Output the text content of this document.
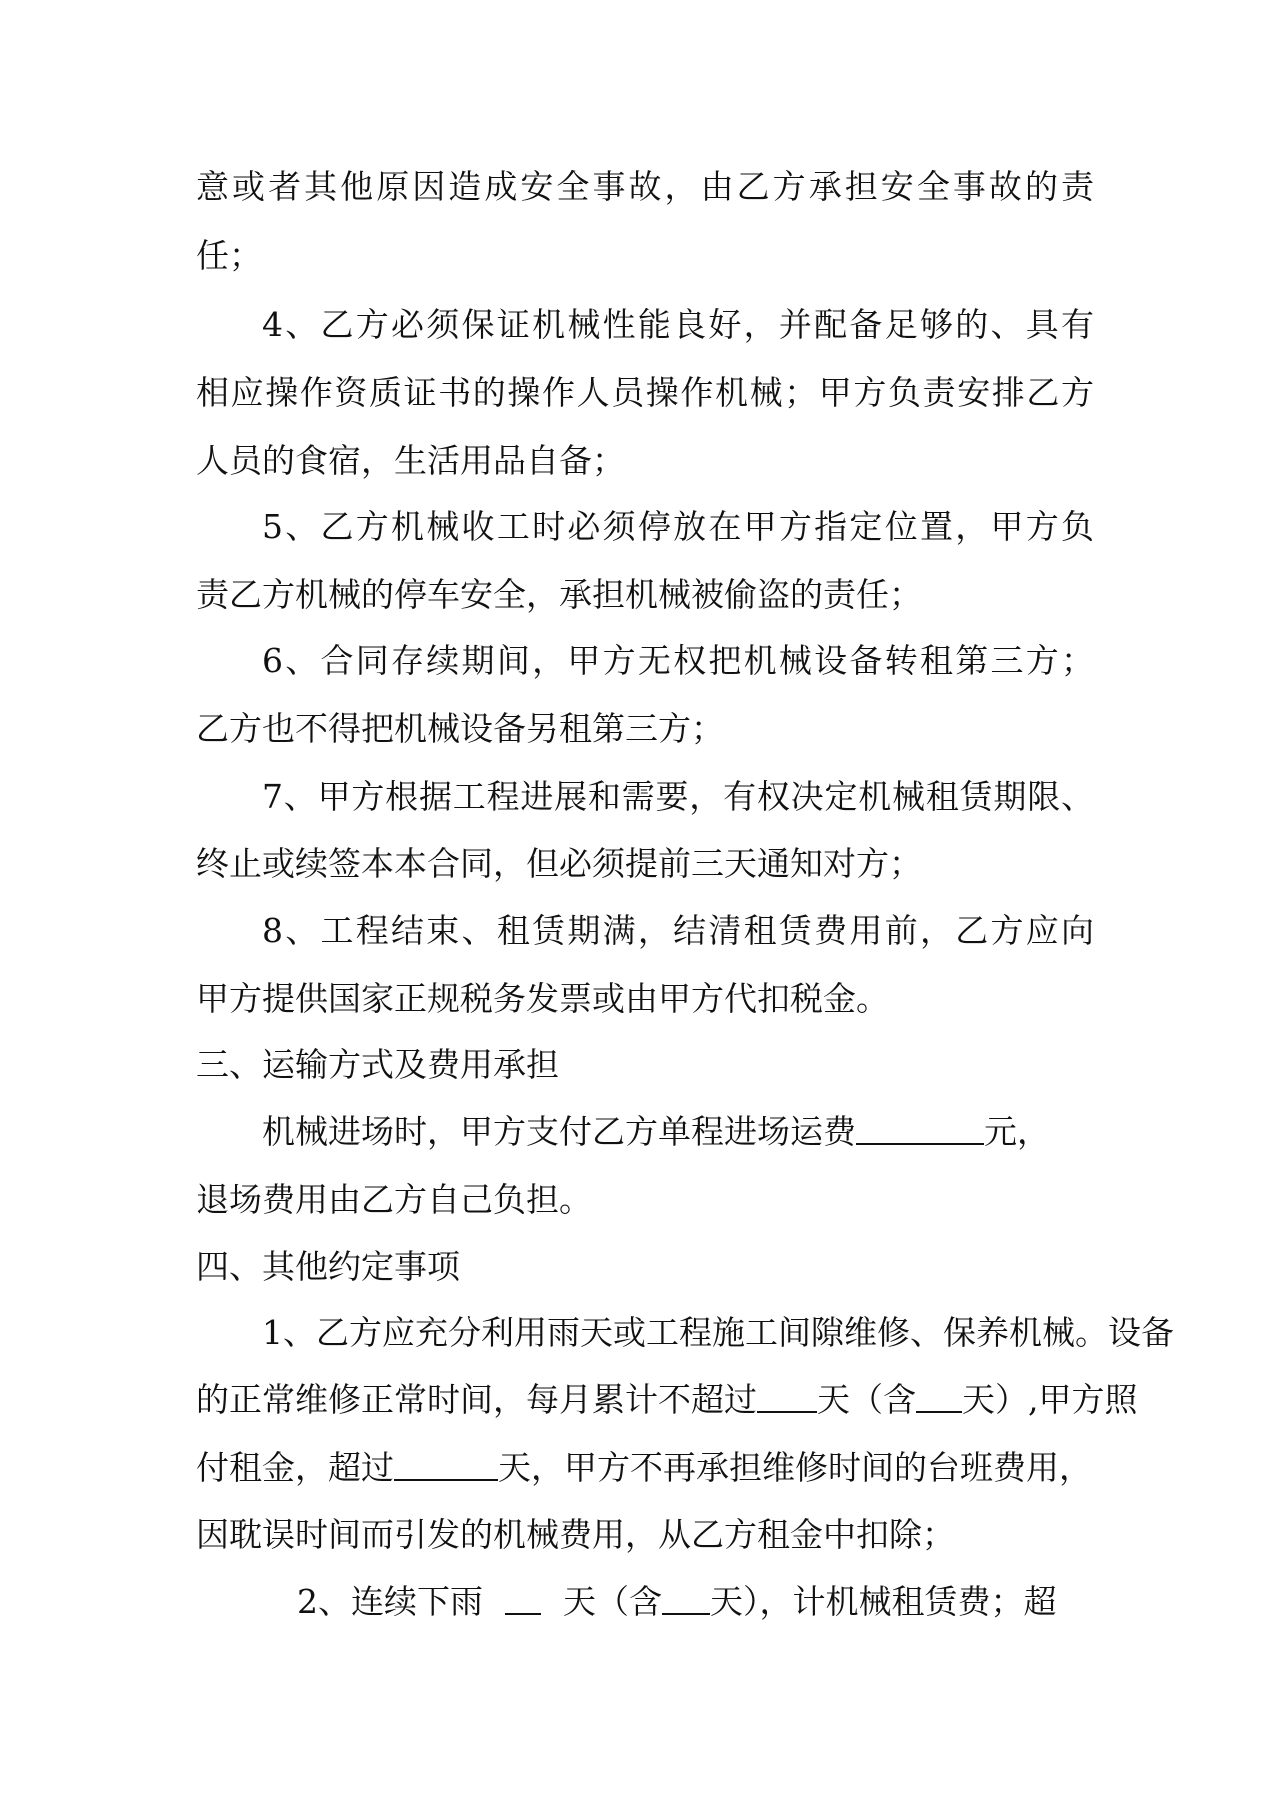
意或者其他原因造成安全事故，由乙方承担安全事故的责
任；
4、乙方必须保证机械性能良好，并配备足够的、具有
相应操作资质证书的操作人员操作机械；甲方负责安排乙方
人员的食宿，生活用品自备；
5、乙方机械收工时必须停放在甲方指定位置，甲方负
责乙方机械的停车安全，承担机械被偷盗的责任；
6、合同存续期间，甲方无权把机械设备转租第三方；
乙方也不得把机械设备另租第三方；
7、甲方根据工程进展和需要，有权决定机械租赁期限、
终止或续签本本合同，但必须提前三天通知对方；
8、工程结束、租赁期满，结清租赁费用前，乙方应向
甲方提供国家正规税务发票或由甲方代扣税金。
三、运输方式及费用承担
机械进场时，甲方支付乙方单程进场运费	元，
退场费用由乙方自己负担。
四、其他约定事项
1、乙方应充分利用雨天或工程施工间隙维修、保养机械。设备
的正常维修正常时间，每月累计不超过 天（含 天）,甲方照
付租金，超过	天，甲方不再承担维修时间的台班费用，
因耽误时间而引发的机械费用，从乙方租金中扣除；
2、连续下雨 天（含 天），计机械租赁费；超
